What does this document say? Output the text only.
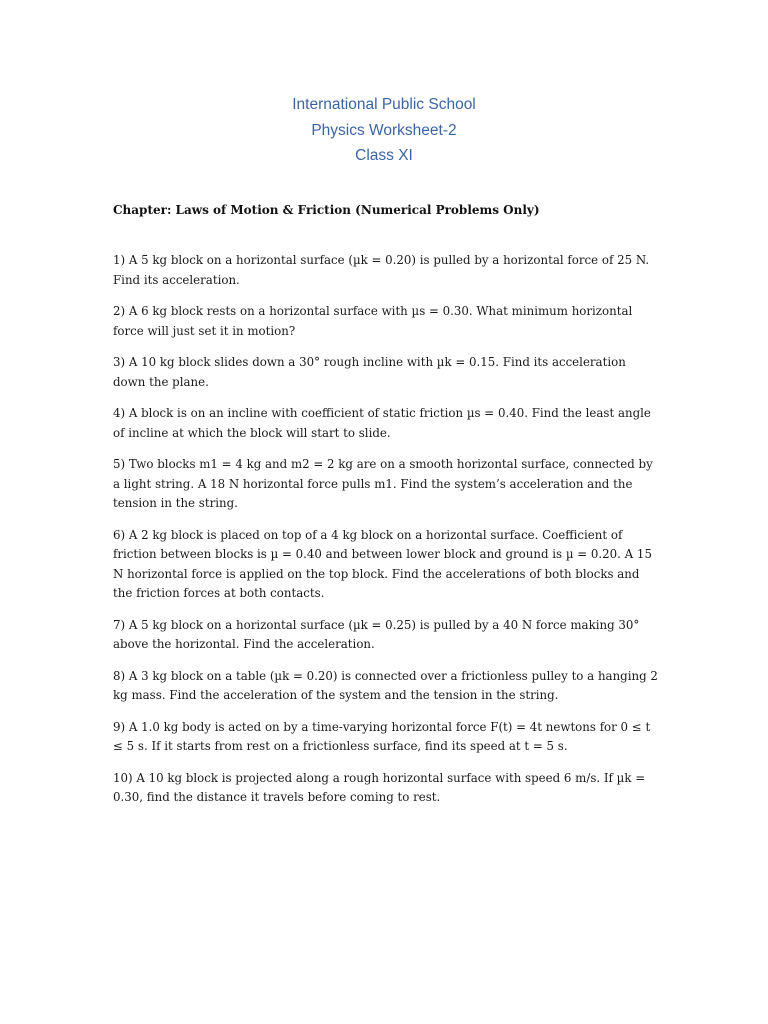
International Public School
Physics Worksheet-2
Class XI
Chapter: Laws of Motion & Friction (Numerical Problems Only)
1) A 5 kg block on a horizontal surface (µk = 0.20) is pulled by a horizontal force of 25 N. Find its acceleration.
2) A 6 kg block rests on a horizontal surface with µs = 0.30. What minimum horizontal force will just set it in motion?
3) A 10 kg block slides down a 30° rough incline with µk = 0.15. Find its acceleration down the plane.
4) A block is on an incline with coefficient of static friction µs = 0.40. Find the least angle of incline at which the block will start to slide.
5) Two blocks m1 = 4 kg and m2 = 2 kg are on a smooth horizontal surface, connected by a light string. A 18 N horizontal force pulls m1. Find the system’s acceleration and the tension in the string.
6) A 2 kg block is placed on top of a 4 kg block on a horizontal surface. Coefficient of friction between blocks is µ = 0.40 and between lower block and ground is µ = 0.20. A 15 N horizontal force is applied on the top block. Find the accelerations of both blocks and the friction forces at both contacts.
7) A 5 kg block on a horizontal surface (µk = 0.25) is pulled by a 40 N force making 30° above the horizontal. Find the acceleration.
8) A 3 kg block on a table (µk = 0.20) is connected over a frictionless pulley to a hanging 2 kg mass. Find the acceleration of the system and the tension in the string.
9) A 1.0 kg body is acted on by a time-varying horizontal force F(t) = 4t newtons for 0 ≤ t ≤ 5 s. If it starts from rest on a frictionless surface, find its speed at t = 5 s.
10) A 10 kg block is projected along a rough horizontal surface with speed 6 m/s. If µk = 0.30, find the distance it travels before coming to rest.
